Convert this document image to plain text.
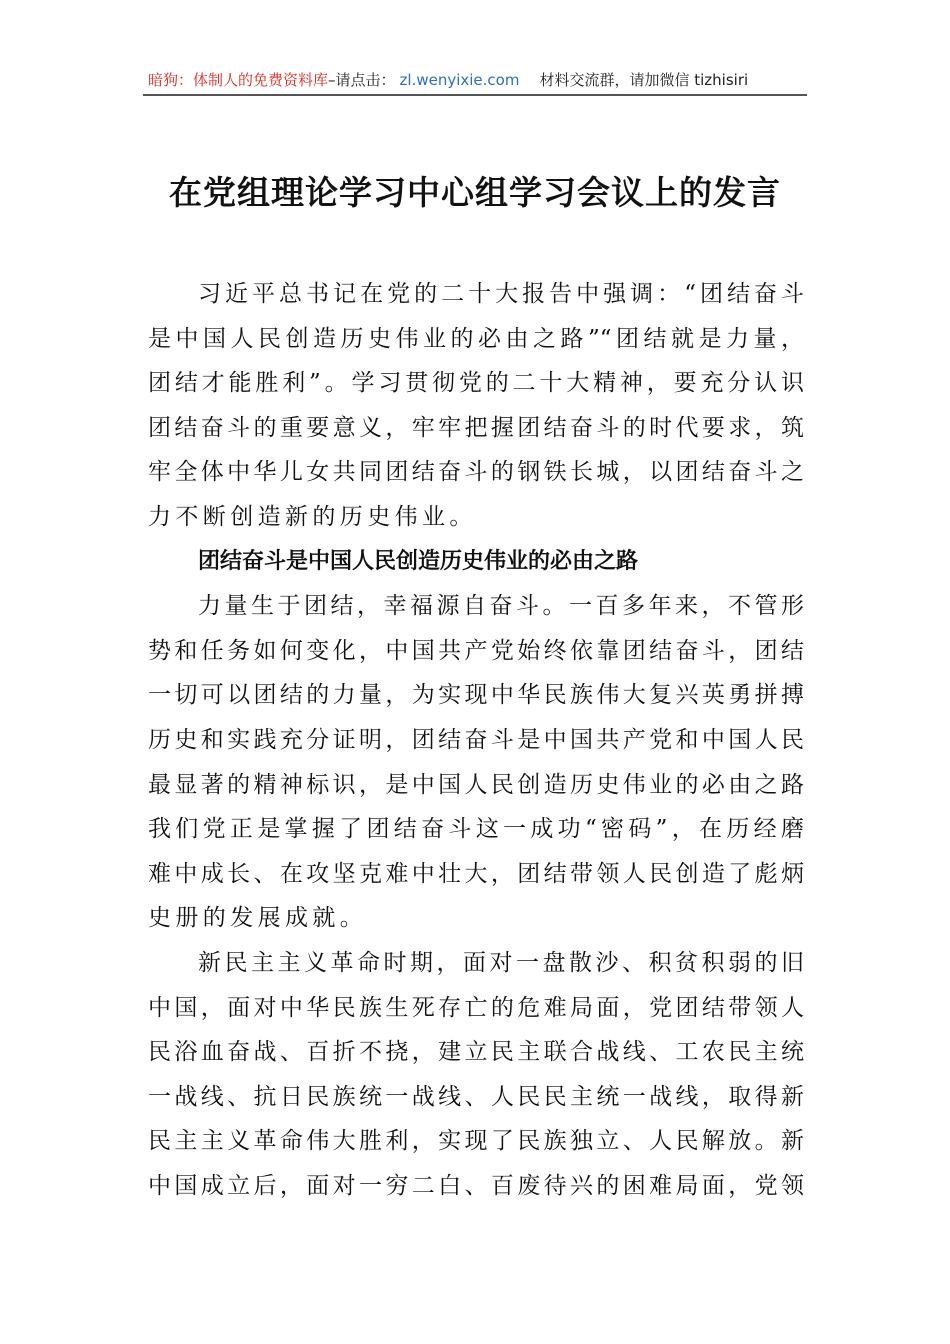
暗狗：体制人的免费资料库 –请点击： zl.wenyixie.com 材料交流群，请加微信 tizhisiri
在党组理论学习中心组学习会议上的发言
习近平总书记在党的二十大报告中强调：“团结奋斗
是中国人民创造历史伟业的必由之路”“团结就是力量，
团结才能胜利”。学习贯彻党的二十大精神，要充分认识
团结奋斗的重要意义，牢牢把握团结奋斗的时代要求，筑
牢全体中华儿女共同团结奋斗的钢铁长城，以团结奋斗之
力不断创造新的历史伟业。
团结奋斗是中国人民创造历史伟业的必由之路
力量生于团结，幸福源自奋斗。一百多年来，不管形
势和任务如何变化，中国共产党始终依靠团结奋斗，团结
一切可以团结的力量，为实现中华民族伟大复兴英勇拼搏
历史和实践充分证明，团结奋斗是中国共产党和中国人民
最显著的精神标识，是中国人民创造历史伟业的必由之路
我们党正是掌握了团结奋斗这一成功“密码”，在历经磨
难中成长、在攻坚克难中壮大，团结带领人民创造了彪炳
史册的发展成就。
新民主主义革命时期，面对一盘散沙、积贫积弱的旧
中国，面对中华民族生死存亡的危难局面，党团结带领人
民浴血奋战、百折不挠，建立民主联合战线、工农民主统
一战线、抗日民族统一战线、人民民主统一战线，取得新
民主主义革命伟大胜利，实现了民族独立、人民解放。新
中国成立后，面对一穷二白、百废待兴的困难局面，党领
